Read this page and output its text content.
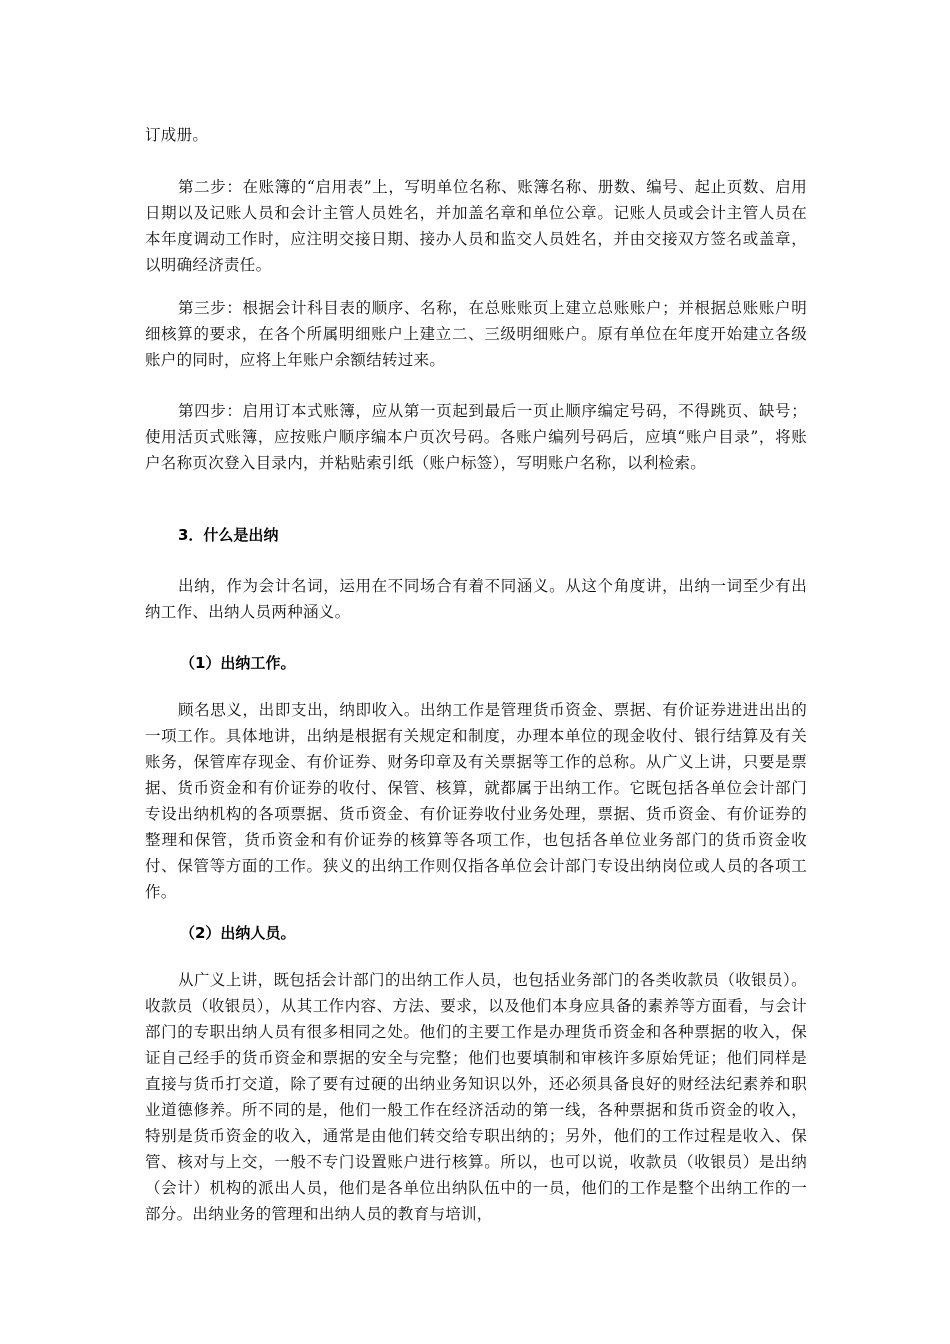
订成册。

第二步：在账簿的“启用表”上，写明单位名称、账簿名称、册数、编号、起止页数、启用日期以及记账人员和会计主管人员姓名，并加盖名章和单位公章。记账人员或会计主管人员在本年度调动工作时，应注明交接日期、接办人员和监交人员姓名，并由交接双方签名或盖章，以明确经济责任。

第三步：根据会计科目表的顺序、名称，在总账账页上建立总账账户；并根据总账账户明细核算的要求，在各个所属明细账户上建立二、三级明细账户。原有单位在年度开始建立各级账户的同时，应将上年账户余额结转过来。

第四步：启用订本式账簿，应从第一页起到最后一页止顺序编定号码，不得跳页、缺号；使用活页式账簿，应按账户顺序编本户页次号码。各账户编列号码后，应填“账户目录”，将账户名称页次登入目录内，并粘贴索引纸（账户标签），写明账户名称，以利检索。

3．什么是出纳

出纳，作为会计名词，运用在不同场合有着不同涵义。从这个角度讲，出纳一词至少有出纳工作、出纳人员两种涵义。

（1）出纳工作。

顾名思义，出即支出，纳即收入。出纳工作是管理货币资金、票据、有价证券进进出出的一项工作。具体地讲，出纳是根据有关规定和制度，办理本单位的现金收付、银行结算及有关账务，保管库存现金、有价证券、财务印章及有关票据等工作的总称。从广义上讲，只要是票据、货币资金和有价证券的收付、保管、核算，就都属于出纳工作。它既包括各单位会计部门专设出纳机构的各项票据、货币资金、有价证券收付业务处理，票据、货币资金、有价证券的整理和保管，货币资金和有价证券的核算等各项工作，也包括各单位业务部门的货币资金收付、保管等方面的工作。狭义的出纳工作则仅指各单位会计部门专设出纳岗位或人员的各项工作。

（2）出纳人员。

从广义上讲，既包括会计部门的出纳工作人员，也包括业务部门的各类收款员（收银员）。收款员（收银员），从其工作内容、方法、要求，以及他们本身应具备的素养等方面看，与会计部门的专职出纳人员有很多相同之处。他们的主要工作是办理货币资金和各种票据的收入，保证自己经手的货币资金和票据的安全与完整；他们也要填制和审核许多原始凭证；他们同样是直接与货币打交道，除了要有过硬的出纳业务知识以外，还必须具备良好的财经法纪素养和职业道德修养。所不同的是，他们一般工作在经济活动的第一线，各种票据和货币资金的收入，特别是货币资金的收入，通常是由他们转交给专职出纳的；另外，他们的工作过程是收入、保管、核对与上交，一般不专门设置账户进行核算。所以，也可以说，收款员（收银员）是出纳（会计）机构的派出人员，他们是各单位出纳队伍中的一员，他们的工作是整个出纳工作的一部分。出纳业务的管理和出纳人员的教育与培训，
